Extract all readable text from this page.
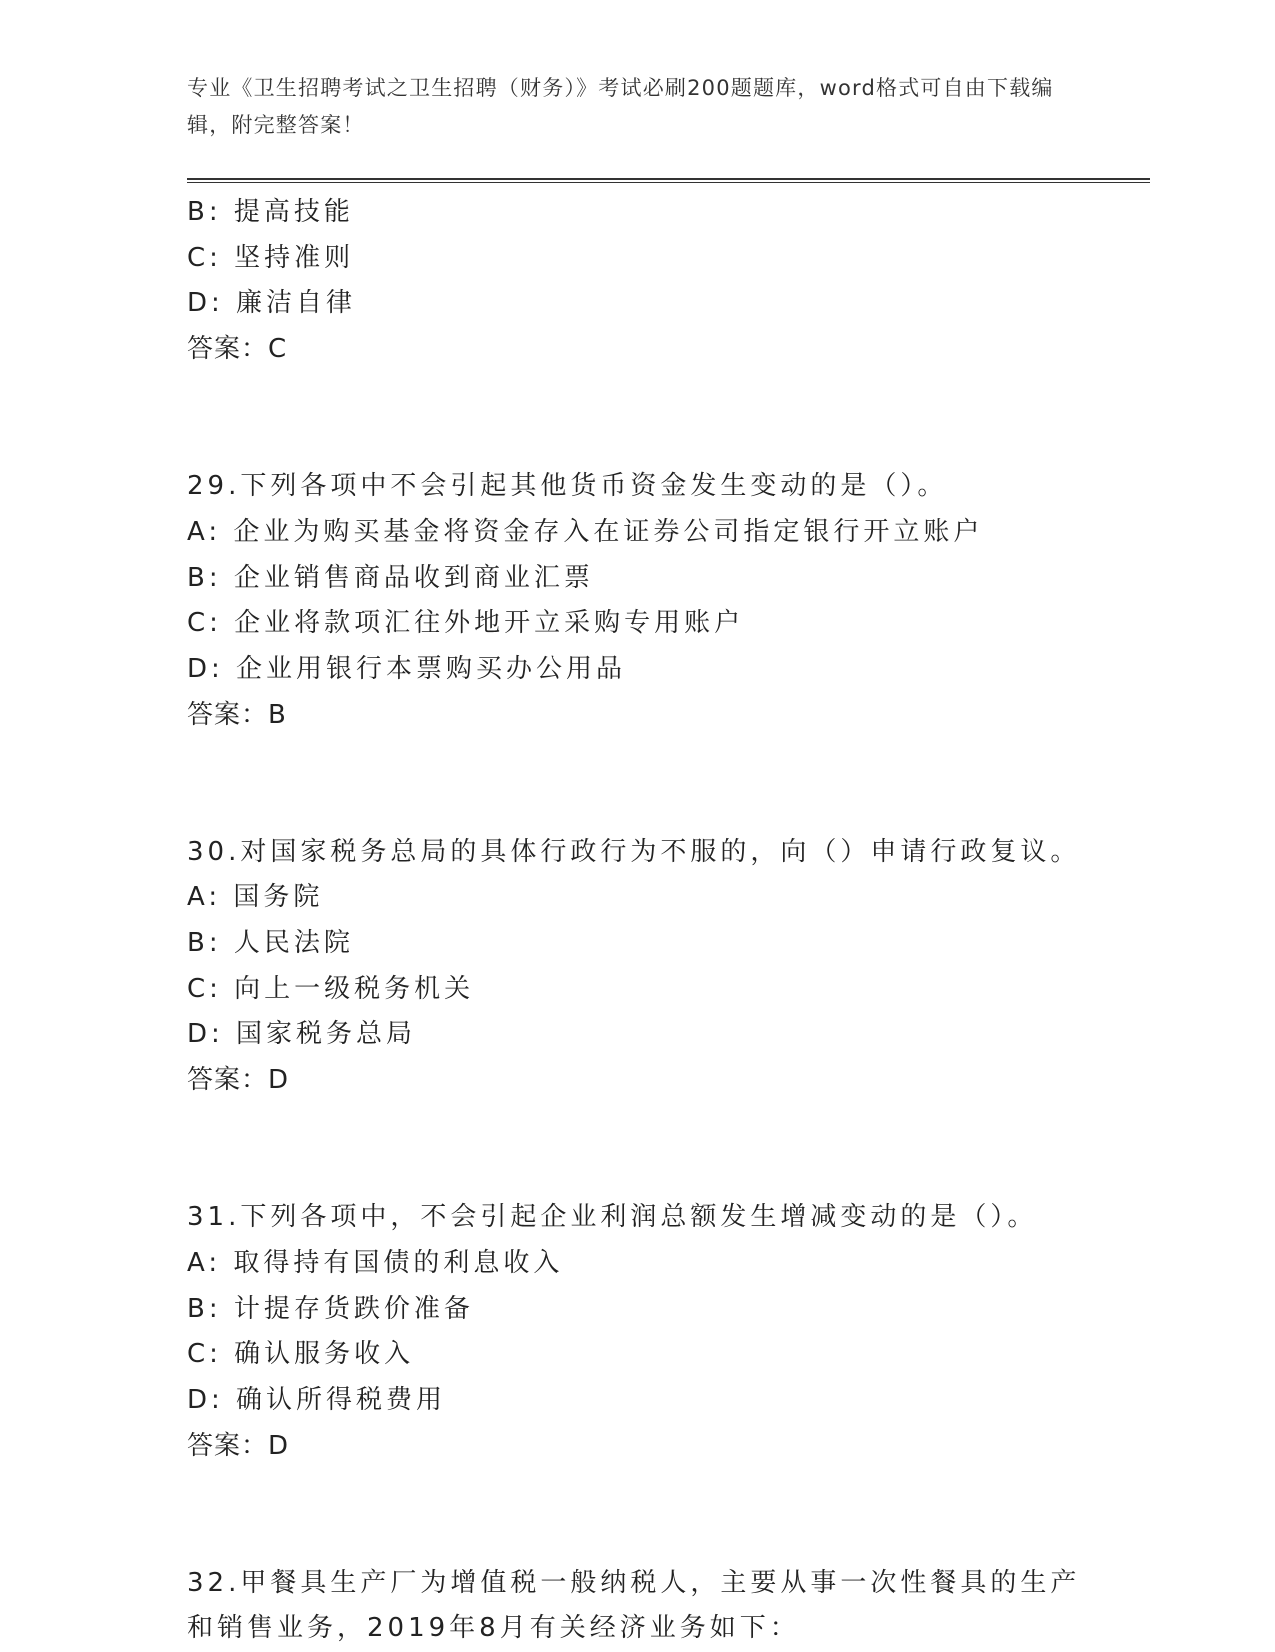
专业《卫生招聘考试之卫生招聘（财务）》考试必刷200题题库，word格式可自由下载编辑，附完整答案！
B: 提高技能
C: 坚持准则
D: 廉洁自律
答案：C
29.下列各项中不会引起其他货币资金发生变动的是（）。
A: 企业为购买基金将资金存入在证券公司指定银行开立账户
B: 企业销售商品收到商业汇票
C: 企业将款项汇往外地开立采购专用账户
D: 企业用银行本票购买办公用品
答案：B
30.对国家税务总局的具体行政行为不服的，向（）申请行政复议。
A: 国务院
B: 人民法院
C: 向上一级税务机关
D: 国家税务总局
答案：D
31.下列各项中，不会引起企业利润总额发生增减变动的是（）。
A: 取得持有国债的利息收入
B: 计提存货跌价准备
C: 确认服务收入
D: 确认所得税费用
答案：D
32.甲餐具生产厂为增值税一般纳税人，主要从事一次性餐具的生产和销售业务，2019年8月有关经济业务如下：
